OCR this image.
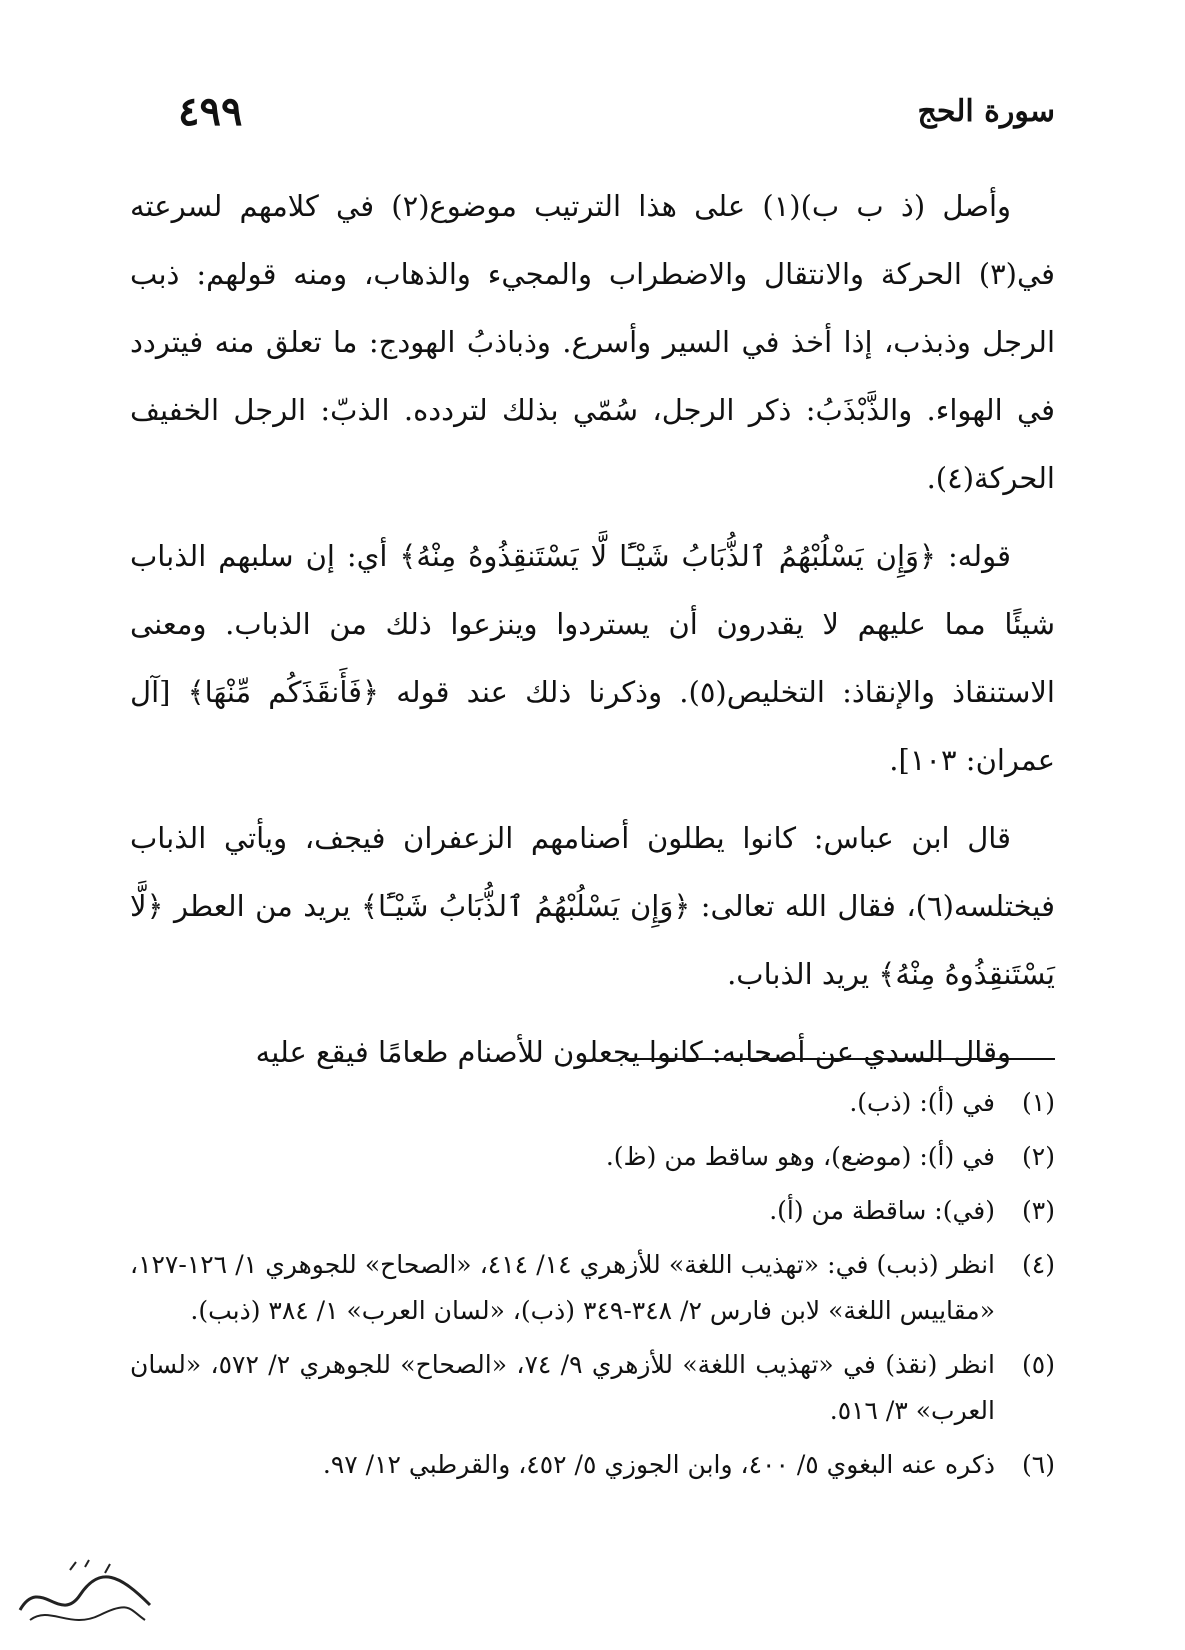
٤٩٩	سورة الحج

وأصل (ذ ب ب)(١) على هذا الترتيب موضوع(٢) في كلامهم لسرعته في(٣) الحركة والانتقال والاضطراب والمجيء والذهاب، ومنه قولهم: ذبب الرجل وذبذب، إذا أخذ في السير وأسرع. وذباذبُ الهودج: ما تعلق منه فيتردد في الهواء. والذَّبْذَبُ: ذكر الرجل، سُمّي بذلك لتردده. الذبّ: الرجل الخفيف الحركة(٤).

قوله: ﴿وَإِن يَسْلُبْهُمُ ٱلذُّبَابُ شَيْـًٔا لَّا يَسْتَنقِذُوهُ مِنْهُ﴾ أي: إن سلبهم الذباب شيئًا مما عليهم لا يقدرون أن يستردوا وينزعوا ذلك من الذباب. ومعنى الاستنقاذ والإنقاذ: التخليص(٥). وذكرنا ذلك عند قوله ﴿فَأَنقَذَكُم مِّنْهَا﴾ [آل عمران: ١٠٣].

قال ابن عباس: كانوا يطلون أصنامهم الزعفران فيجف، ويأتي الذباب فيختلسه(٦)، فقال الله تعالى: ﴿وَإِن يَسْلُبْهُمُ ٱلذُّبَابُ شَيْـًٔا﴾ يريد من العطر ﴿لَّا يَسْتَنقِذُوهُ مِنْهُ﴾ يريد الذباب.

وقال السدي عن أصحابه: كانوا يجعلون للأصنام طعامًا فيقع عليه

(١)
في (أ): (ذب).
(٢)
في (أ): (موضع)، وهو ساقط من (ظ).
(٣)
(في): ساقطة من (أ).
(٤)
انظر (ذبب) في: «تهذيب اللغة» للأزهري ١٤/ ٤١٤، «الصحاح» للجوهري ١/ ١٢٦-١٢٧، «مقاييس اللغة» لابن فارس ٢/ ٣٤٨-٣٤٩ (ذب)، «لسان العرب» ١/ ٣٨٤ (ذبب).
(٥)
انظر (نقذ) في «تهذيب اللغة» للأزهري ٩/ ٧٤، «الصحاح» للجوهري ٢/ ٥٧٢، «لسان العرب» ٣/ ٥١٦.
(٦)
ذكره عنه البغوي ٥/ ٤٠٠، وابن الجوزي ٥/ ٤٥٢، والقرطبي ١٢/ ٩٧.
